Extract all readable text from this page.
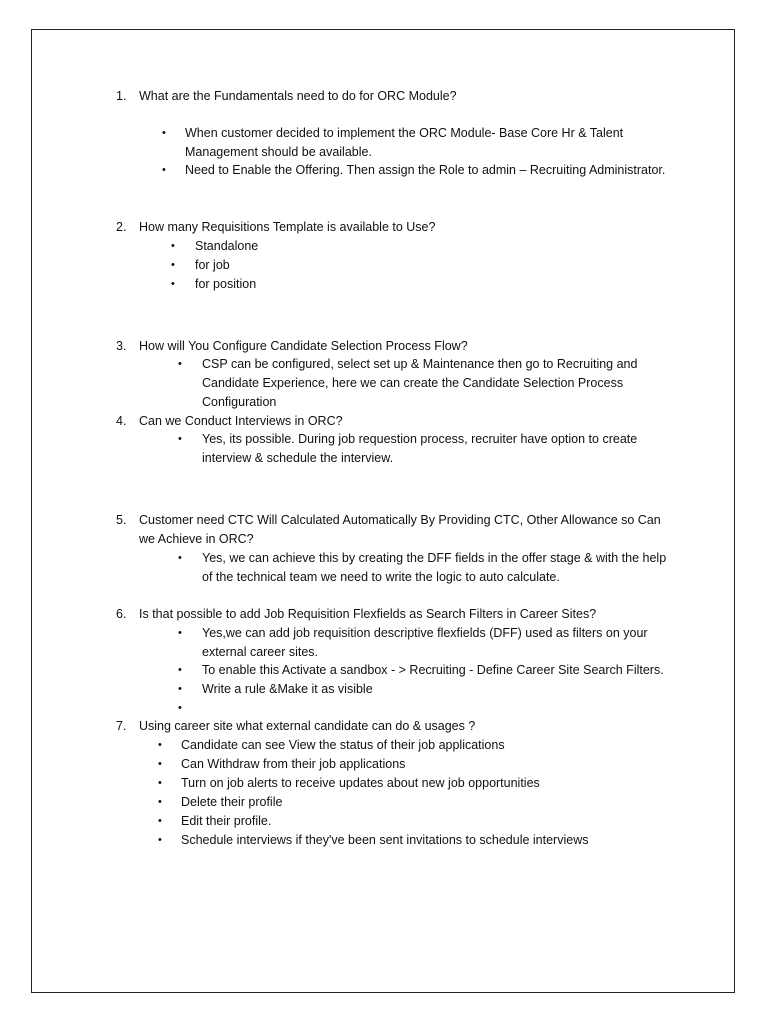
1. What are the Fundamentals need to do for ORC Module?
• When customer decided to implement the ORC Module- Base Core Hr & Talent Management should be available.
• Need to Enable the Offering. Then assign the Role to admin – Recruiting Administrator.
2. How many Requisitions Template is available to Use?
• Standalone
• for job
• for position
3. How will You Configure Candidate Selection Process Flow?
• CSP can be configured, select set up & Maintenance then go to Recruiting and Candidate Experience, here we can create the Candidate Selection Process Configuration
4. Can we Conduct Interviews in ORC?
• Yes, its possible. During job requestion process, recruiter have option to create interview & schedule the interview.
5. Customer need CTC Will Calculated Automatically By Providing CTC, Other Allowance so Can we Achieve in ORC?
• Yes, we can achieve this by creating the DFF fields in the offer stage & with the help of the technical team we need to write the logic to auto calculate.
6. Is that possible to add Job Requisition Flexfields as Search Filters in Career Sites?
• Yes,we can add job requisition descriptive flexfields (DFF) used as filters on your external career sites.
• To enable this Activate a sandbox - > Recruiting - Define Career Site Search Filters.
• Write a rule &Make it as visible
•
7. Using career site what external candidate can do & usages ?
• Candidate can see View the status of their job applications
• Can Withdraw from their job applications
• Turn on job alerts to receive updates about new job opportunities
• Delete their profile
• Edit their profile.
• Schedule interviews if they've been sent invitations to schedule interviews
